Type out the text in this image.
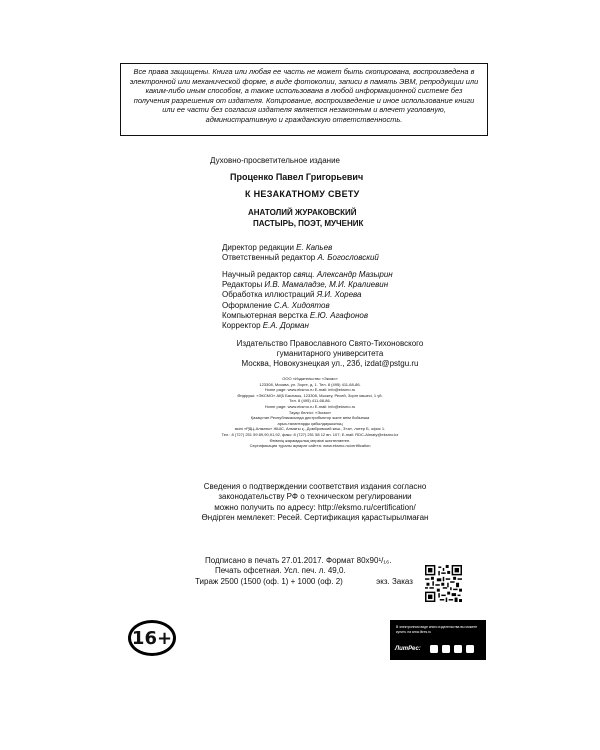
Все права защищены. Книга или любая ее часть не может быть скопирована, воспроизведена в электронной или механической форме, в виде фотокопии, записи в память ЭВМ, репродукции или каким-либо иным способом, а также использована в любой информационной системе без получения разрешения от издателя. Копирование, воспроизведение и иное использование книги или ее части без согласия издателя является незаконным и влечет уголовную, административную и гражданскую ответственность.
Духовно-просветительное издание
Проценко Павел Григорьевич
К НЕЗАКАТНОМУ СВЕТУ
АНАТОЛИЙ ЖУРАКОВСКИЙ
ПАСТЫРЬ, ПОЭТ, МУЧЕНИК
Директор редакции Е. Капьев
Ответственный редактор А. Богословский
Научный редактор свящ. Александр Мазырин
Редакторы И.В. Мамаладзе, М.И. Кралиевин
Обработка иллюстраций Я.И. Хорева
Оформление С.А. Хидоятов
Компьютерная верстка Е.Ю. Агафонов
Корректор Е.А. Дорман
Издательство Православного Свято-Тихоновского
гуманитарного университета
Москва, Новокузнецкая ул., 23б, izdat@pstgu.ru
ООО «Издательство «Эксмо»
123308, Москва, ул. Зорге, д. 1. Тел. 8 (495) 411-68-86.
Home page: www.eksmo.ru E-mail: info@eksmo.ru
Өндіруші: «ЭКСМО» АҚБ Баспасы, 123308, Мәскеу, Ресей, Зорге көшесі, 1 үй.
Тел. 8 (495) 411-68-86.
Home page: www.eksmo.ru E-mail: info@eksmo.ru
Тауар белгісі: «Эксмо»
Қазақстан Республикасында дистрибьютор және өнім бойынша
арыз-талаптарды қабылдаушының
өкілі «РДЦ-Алматы» ЖШС, Алматы қ., Домбровский көш., 3«а», литер Б, офис 1.
Тел.: 8 (727) 251 59 89,90,91,92, факс: 8 (727) 251 58 12 вн. 107; E-mail: RDC-Almaty@eksmo.kz
Өнімнің жарамдылық мерзімі шектелмеген.
Сертификация туралы ақпарат сайтта: www.eksmo.ru/certification
Сведения о подтверждении соответствия издания согласно
законодательству РФ о техническом регулировании
можно получить по адресу: http://eksmo.ru/certification/
Өндірген мемлекет: Ресей. Сертификация қарастырылмаған
Подписано в печать 27.01.2017. Формат 80x90¹/₁₆.
Печать офсетная. Усл. печ. л. 49,0.
Тираж 2500 (1500 (оф. 1) + 1000 (оф. 2)               экз. Заказ
16+
В электронном виде книги издательства вы можете
купить на www.litres.ru
ЛитРес:
